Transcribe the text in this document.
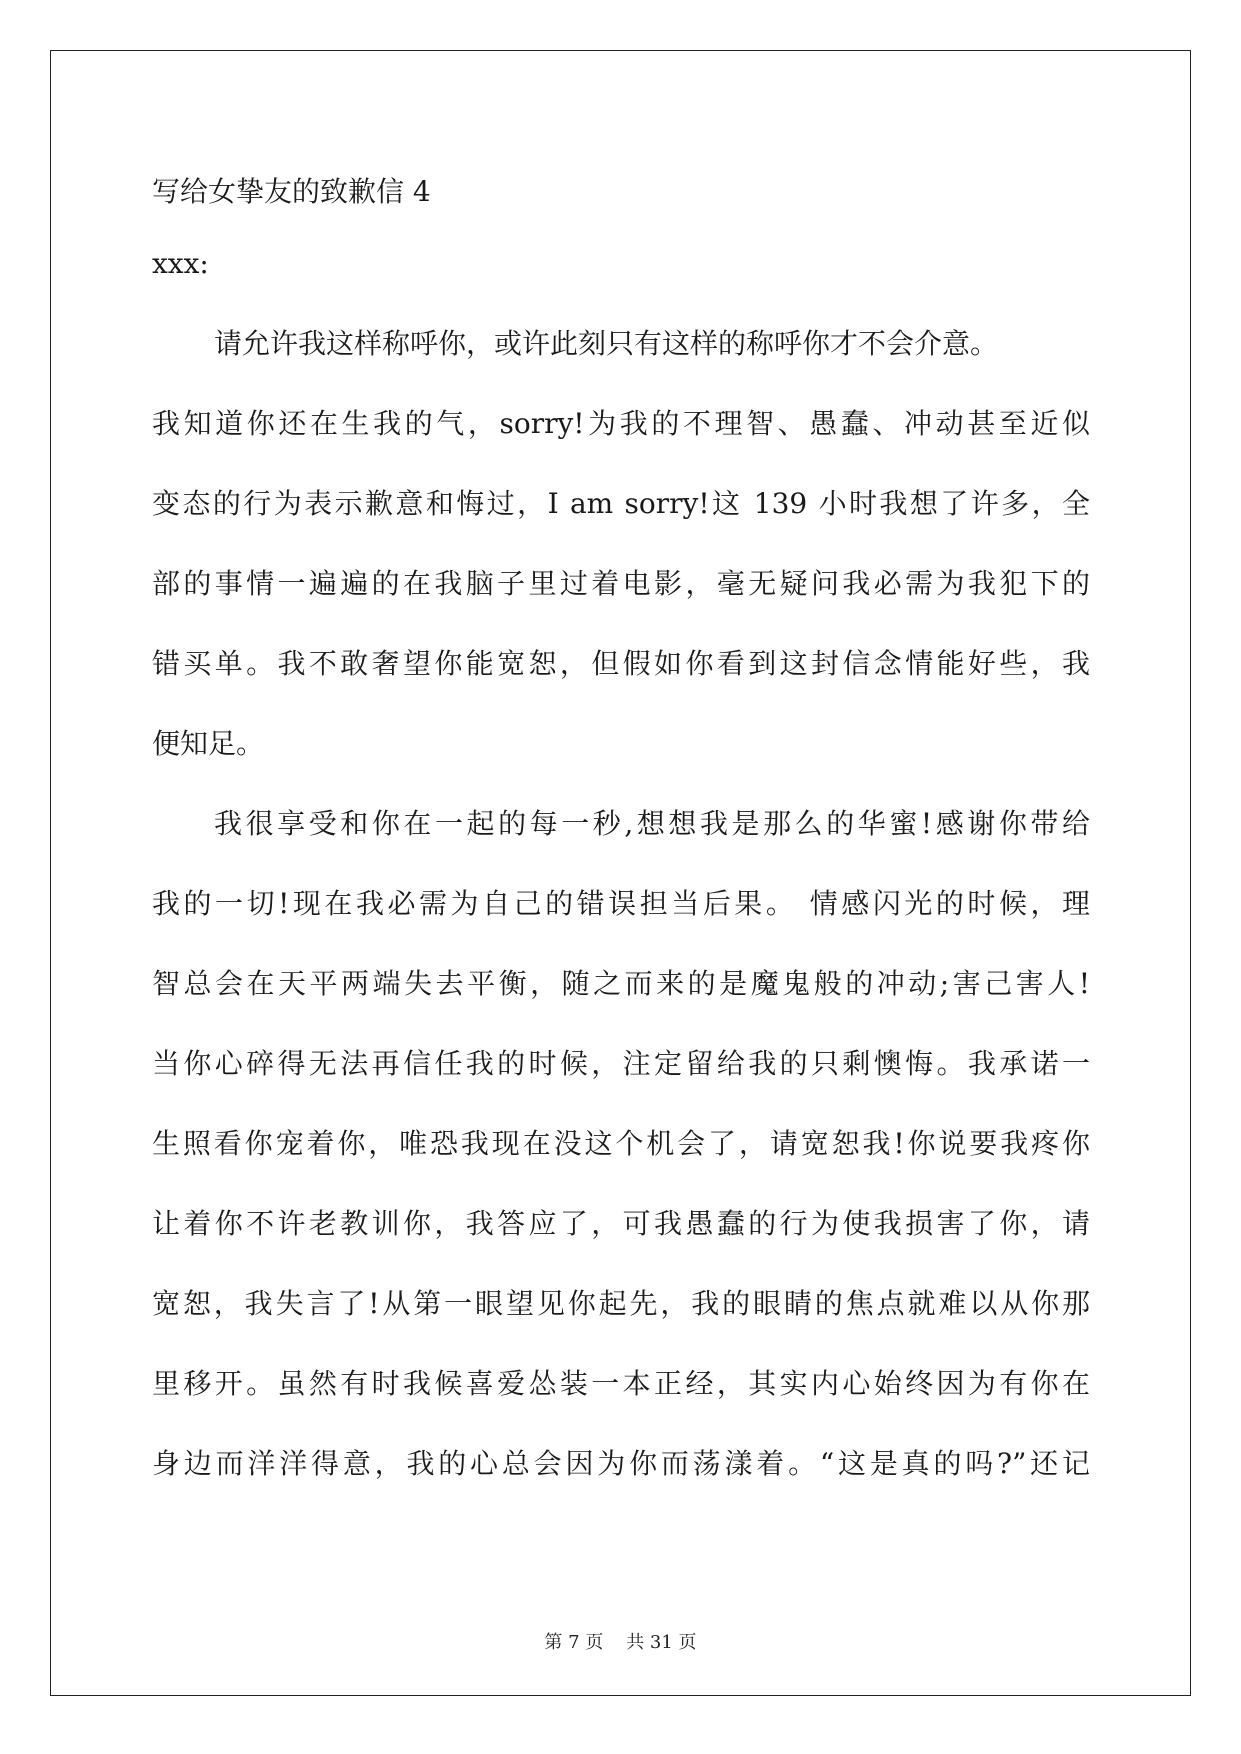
写给女挚友的致歉信 4
xxx:
请允许我这样称呼你，或许此刻只有这样的称呼你才不会介意。
我知道你还在生我的气，sorry!为我的不理智、愚蠢、冲动甚至近似
变态的行为表示歉意和悔过，I am sorry!这 139 小时我想了许多，全
部的事情一遍遍的在我脑子里过着电影，毫无疑问我必需为我犯下的
错买单。我不敢奢望你能宽恕，但假如你看到这封信念情能好些，我
便知足。
我很享受和你在一起的每一秒,想想我是那么的华蜜!感谢你带给
我的一切!现在我必需为自己的错误担当后果。 情感闪光的时候，理
智总会在天平两端失去平衡，随之而来的是魔鬼般的冲动;害己害人!
当你心碎得无法再信任我的时候，注定留给我的只剩懊悔。我承诺一
生照看你宠着你，唯恐我现在没这个机会了，请宽恕我!你说要我疼你
让着你不许老教训你，我答应了，可我愚蠢的行为使我损害了你，请
宽恕，我失言了!从第一眼望见你起先，我的眼睛的焦点就难以从你那
里移开。虽然有时我候喜爱怂装一本正经，其实内心始终因为有你在
身边而洋洋得意，我的心总会因为你而荡漾着。“这是真的吗?”还记
第 7 页    共 31 页
